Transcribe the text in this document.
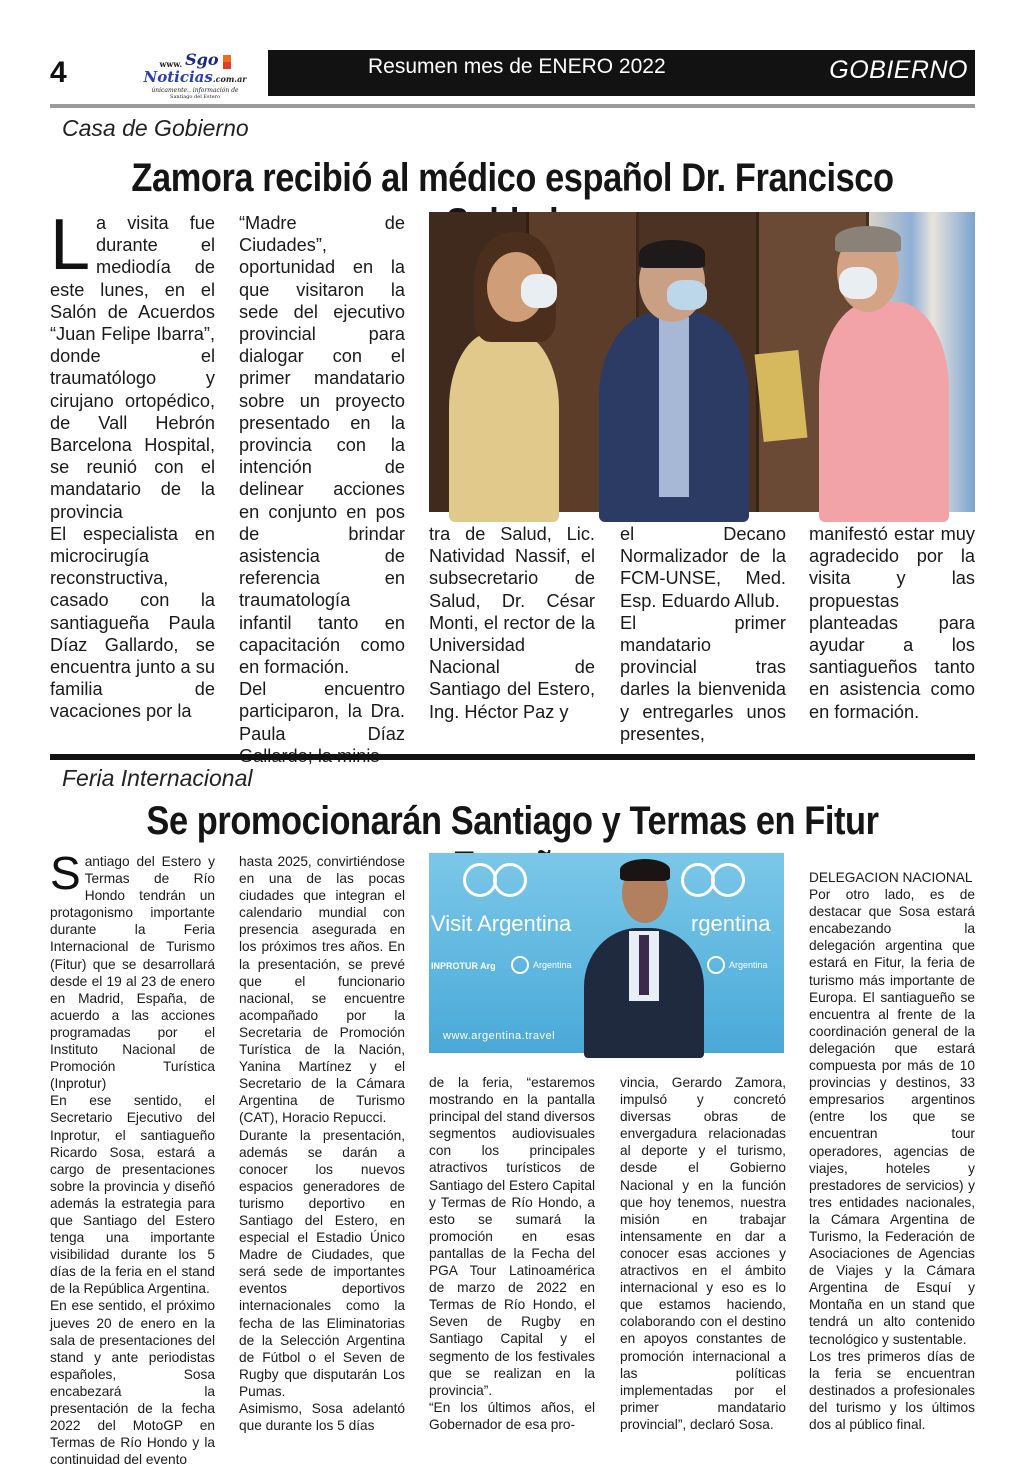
4	www. Sgo
Noticias.com.ar
únicamente.. información de
Santiago del Estero
Resumen mes de ENERO 2022	GOBIERNO
Casa de Gobierno
Zamora recibió al médico español Dr. Francisco

La visita fue durante el mediodía de este lunes, en el Salón de Acuerdos “Juan Felipe Ibarra”, donde el traumatólogo y cirujano ortopédico, de Vall Hebrón Barcelona Hospital, se reunió con el mandatario de la provincia

El especialista en microcirugía reconstructiva, casado con la santiagueña Paula Díaz Gallardo, se encuentra junto a su familia de vacaciones por la

“Madre de Ciudades”, oportunidad en la que visitaron la sede del ejecutivo provincial para dialogar con el primer mandatario sobre un proyecto presentado en la provincia con la intención de delinear acciones en conjunto en pos de brindar asistencia de referencia en traumatología infantil tanto en capacitación como en formación.

Del encuentro participaron, la Dra. Paula Díaz

tra de Salud, Lic. Natividad Nassif, el subsecretario de Salud, Dr. César Monti, el rector de la Universidad Nacional de Santiago del Estero, Ing. Héctor Paz y

el Decano Normalizador de la FCM-UNSE, Med. Esp. Eduardo Allub.

El primer mandatario provincial tras darles la bienvenida y entregarles unos presentes,

manifestó estar muy agradecido por la visita y las propuestas planteadas para ayudar a los santiagueños tanto en asistencia como en formación.

Feria Internacional
Se promocionarán Santiago y Termas en Fitur

Santiago del Estero y Termas de Río Hondo tendrán un protagonismo importante durante la Feria Internacional de Turismo (Fitur) que se desarrollará desde el 19 al 23 de enero en Madrid, España, de acuerdo a las acciones programadas por el Instituto Nacional de Promoción Turística (Inprotur)

En ese sentido, el Secretario Ejecutivo del Inprotur, el santiagueño Ricardo Sosa, estará a cargo de presentaciones sobre la provincia y diseñó además la estrategia para que Santiago del Estero tenga una importante visibilidad durante los 5 días de la feria en el stand de la República Argentina.

En ese sentido, el próximo jueves 20 de enero en la sala de presentaciones del stand y ante periodistas españoles, Sosa encabezará la presentación de la fecha 2022 del MotoGP en Termas de Río Hondo y la continuidad del evento

hasta 2025, convirtiéndose en una de las pocas ciudades que integran el calendario mundial con presencia asegurada en los próximos tres años. En la presentación, se prevé que el funcionario nacional, se encuentre acompañado por la Secretaria de Promoción Turística de la Nación, Yanina Martínez y el Secretario de la Cámara Argentina de Turismo (CAT), Horacio Repucci.

Durante la presentación, además se darán a conocer los nuevos espacios generadores de turismo deportivo en Santiago del Estero, en especial el Estadio Único Madre de Ciudades, que será sede de importantes eventos deportivos internacionales como la fecha de las Eliminatorias de la Selección Argentina de Fútbol o el Seven de Rugby que disputarán Los Pumas.

Asimismo, Sosa adelantó que durante los 5 días

de la feria, “estaremos mostrando en la pantalla principal del stand diversos segmentos audiovisuales con los principales atractivos turísticos de Santiago del Estero Capital y Termas de Río Hondo, a esto se sumará la promoción en esas pantallas de la Fecha del PGA Tour Latinoamérica de marzo de 2022 en Termas de Río Hondo, el Seven de Rugby en Santiago Capital y el segmento de los festivales que se realizan en la provincia”.

“En los últimos años, el Gobernador de esa pro-

vincia, Gerardo Zamora, impulsó y concretó diversas obras de envergadura relacionadas al deporte y el turismo, desde el Gobierno Nacional y en la función que hoy tenemos, nuestra misión en trabajar intensamente en dar a conocer esas acciones y atractivos en el ámbito internacional y eso es lo que estamos haciendo, colaborando con el destino en apoyos constantes de promoción internacional a las políticas implementadas por el primer mandatario provincial”, declaró Sosa.

DELEGACION NACIONAL

Por otro lado, es de destacar que Sosa estará encabezando la delegación argentina que estará en Fitur, la feria de turismo más importante de Europa. El santiagueño se encuentra al frente de la coordinación general de la delegación que estará compuesta por más de 10 provincias y destinos, 33 empresarios argentinos (entre los que se encuentran tour operadores, agencias de viajes, hoteles y prestadores de servicios) y tres entidades nacionales, la Cámara Argentina de Turismo, la Federación de Asociaciones de Agencias de Viajes y la Cámara Argentina de Esquí y Montaña en un stand que tendrá un alto contenido tecnológico y sustentable.

Los tres primeros días de la feria se encuentran destinados a profesionales del turismo y los últimos dos al público final.

Visit Argentina	rgentina
INPROTUR Arg	Argentina	Argentina
www.argentina.travel
